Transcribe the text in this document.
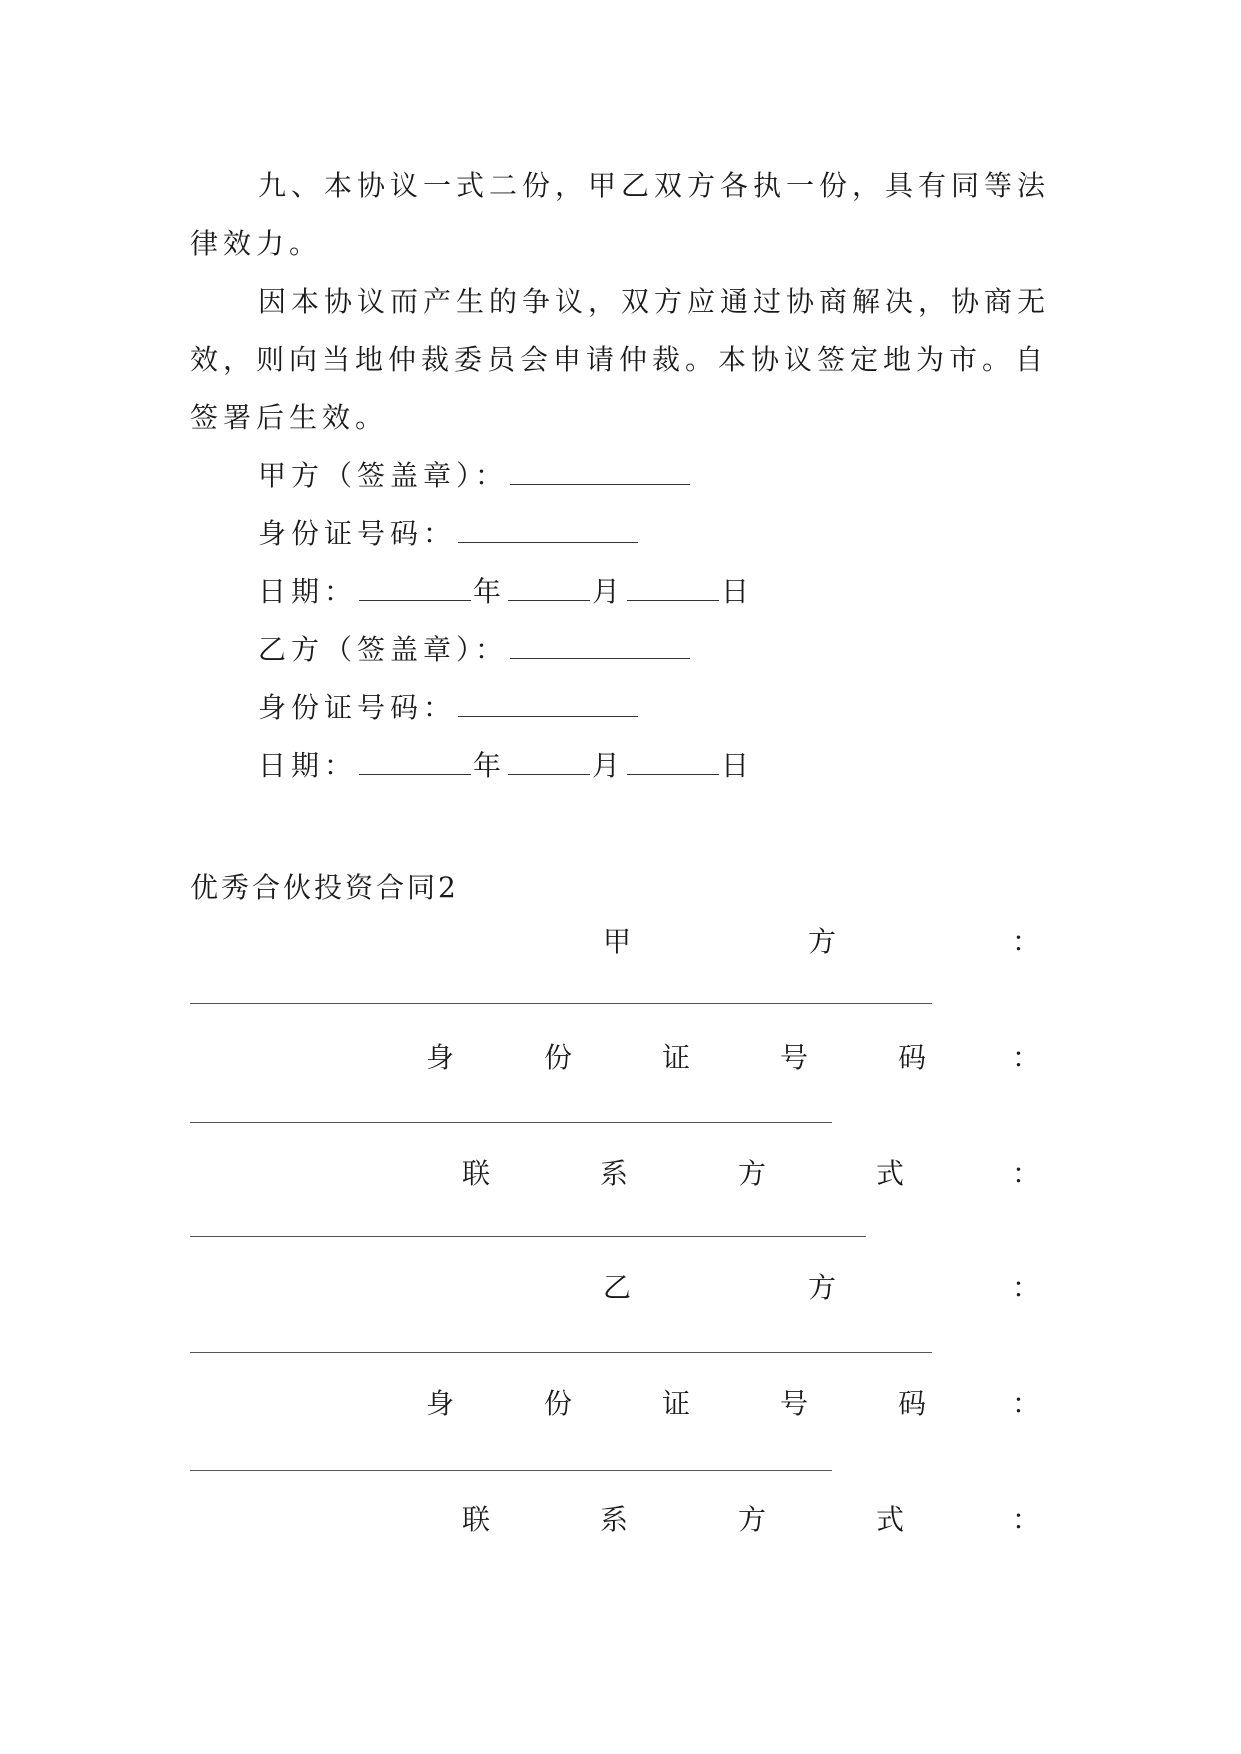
九、本协议一式二份，甲乙双方各执一份，具有同等法
律效力。
因本协议而产生的争议，双方应通过协商解决，协商无
效，则向当地仲裁委员会申请仲裁。本协议签定地为市。自
签署后生效。
甲方（签盖章）：
身份证号码：
日期：	年	月	日
乙方（签盖章）：
身份证号码：
日期：	年	月	日
优秀合伙投资合同2
甲	方	：
身	份	证	号	码	：
联	系	方	式	：
乙	方	：
身	份	证	号	码	：
联	系	方	式	：
